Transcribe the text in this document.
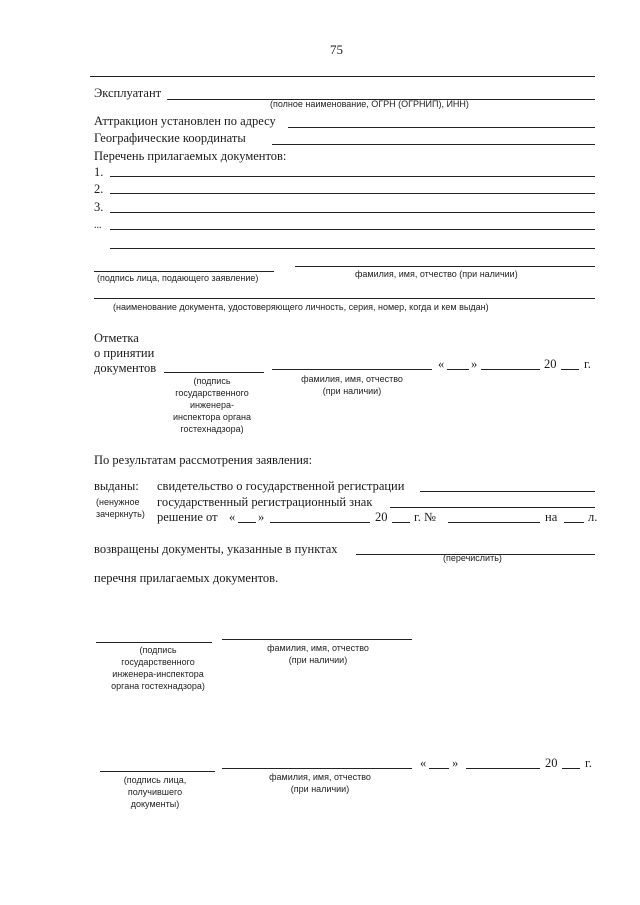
75
Эксплуатант
(полное наименование, ОГРН (ОГРНИП), ИНН)
Аттракцион установлен по адресу
Географические координаты
Перечень прилагаемых документов:
1.
2.
3.
...
(подпись лица, подающего заявление)	фамилия, имя, отчество (при наличии)
(наименование документа, удостоверяющего личность, серия, номер, когда и кем выдан)
Отметка
о принятии
документов	« »	20 г.
(подпись
государственного
инженера-
инспектора органа
гостехнадзора)
фамилия, имя, отчество
(при наличии)
По результатам рассмотрения заявления:
выданы:
(ненужное
зачеркнуть)
свидетельство о государственной регистрации
государственный регистрационный знак
решение от « »	20 г. №	на л.
возвращены документы, указанные в пунктах
(перечислить)
перечня прилагаемых документов.
(подпись
государственного
инженера-инспектора
органа гостехнадзора)
фамилия, имя, отчество
(при наличии)
« »	20 г.
(подпись лица,
получившего
документы)
фамилия, имя, отчество
(при наличии)
